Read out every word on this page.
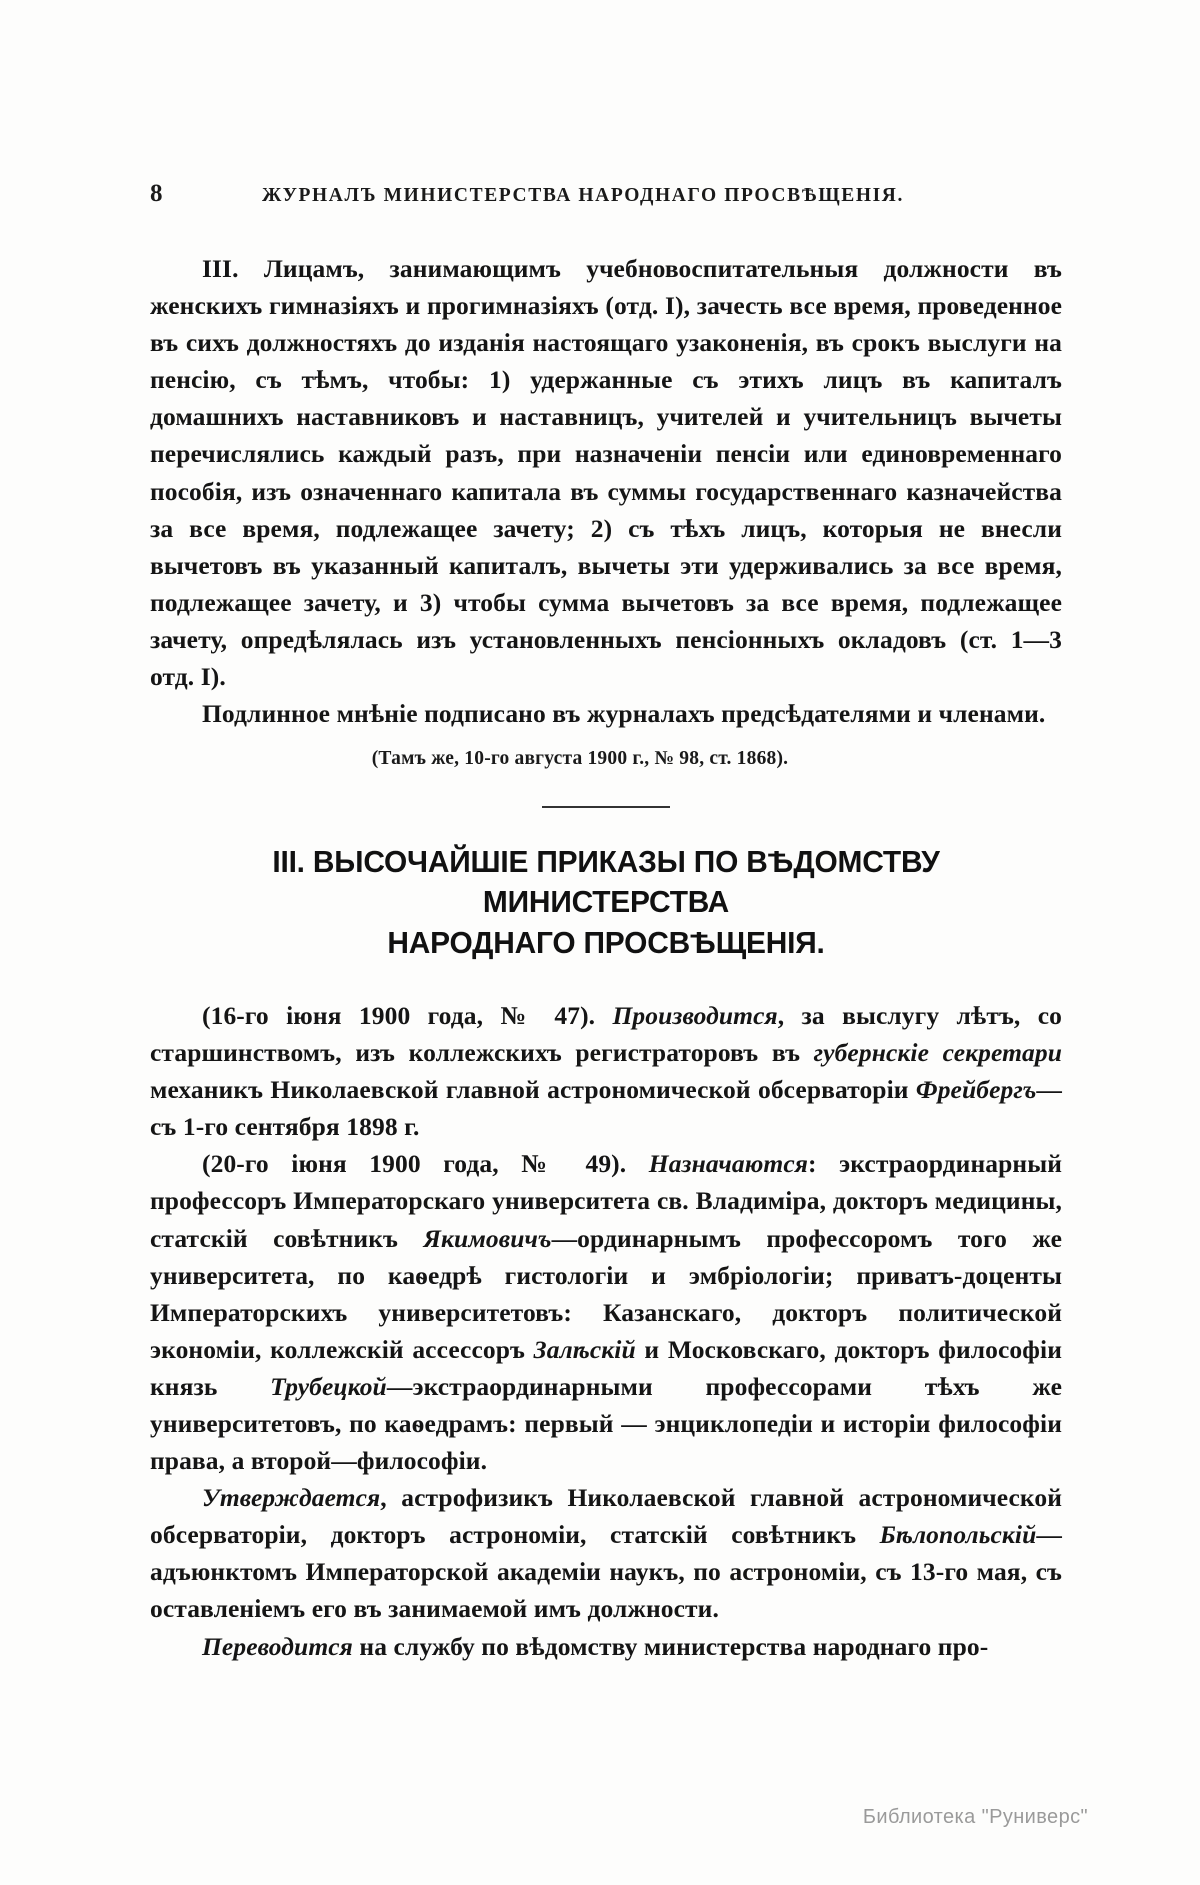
8	ЖУРНАЛЪ МИНИСТЕРСТВА НАРОДНАГО ПРОСВѢЩЕНІЯ.

III. Лицамъ, занимающимъ учебновоспитательныя должности въ женскихъ гимназіяхъ и прогимназіяхъ (отд. I), зачесть все время, проведенное въ сихъ должностяхъ до изданія настоящаго узаконенія, въ срокъ выслуги на пенсію, съ тѣмъ, чтобы: 1) удержанные съ этихъ лицъ въ капиталъ домашнихъ наставниковъ и наставницъ, учителей и учительницъ вычеты перечислялись каждый разъ, при назначеніи пенсіи или единовременнаго пособія, изъ означеннаго капитала въ суммы государственнаго казначейства за все время, подлежащее зачету; 2) съ тѣхъ лицъ, которыя не внесли вычетовъ въ указанный капиталъ, вычеты эти удерживались за все время, подлежащее зачету, и 3) чтобы сумма вычетовъ за все время, подлежащее зачету, опредѣлялась изъ установленныхъ пенсіонныхъ окладовъ (ст. 1—3 отд. I).

Подлинное мнѣніе подписано въ журналахъ предсѣдателями и членами.

(Тамъ же, 10-го августа 1900 г., № 98, ст. 1868).
III. ВЫСОЧАЙШІЕ ПРИКАЗЫ ПО ВѢДОМСТВУ МИНИСТЕРСТВА
НАРОДНАГО ПРОСВѢЩЕНІЯ.

(16-го іюня 1900 года, № 47). Производится, за выслугу лѣтъ, со старшинствомъ, изъ коллежскихъ регистраторовъ въ губернскіе секретари механикъ Николаевской главной астрономической обсерваторіи Фрейбергъ—съ 1-го сентября 1898 г.

(20-го іюня 1900 года, № 49). Назначаются: экстраординарный профессоръ Императорскаго университета св. Владиміра, докторъ медицины, статскій совѣтникъ Якимовичъ—ординарнымъ профессоромъ того же университета, по каѳедрѣ гистологіи и эмбріологіи; приватъ-доценты Императорскихъ университетовъ: Казанскаго, докторъ политической экономіи, коллежскій ассессоръ Залѣскій и Московскаго, докторъ философіи князь Трубецкой—экстраординарными профессорами тѣхъ же университетовъ, по каѳедрамъ: первый — энциклопедіи и исторіи философіи права, а второй—философіи.

Утверждается, астрофизикъ Николаевской главной астрономической обсерваторіи, докторъ астрономіи, статскій совѣтникъ Бѣлопольскій—адъюнктомъ Императорской академіи наукъ, по астрономіи, съ 13-го мая, съ оставленіемъ его въ занимаемой имъ должности.

Переводится на службу по вѣдомству министерства народнаго про-

Библиотека "Руниверс"
